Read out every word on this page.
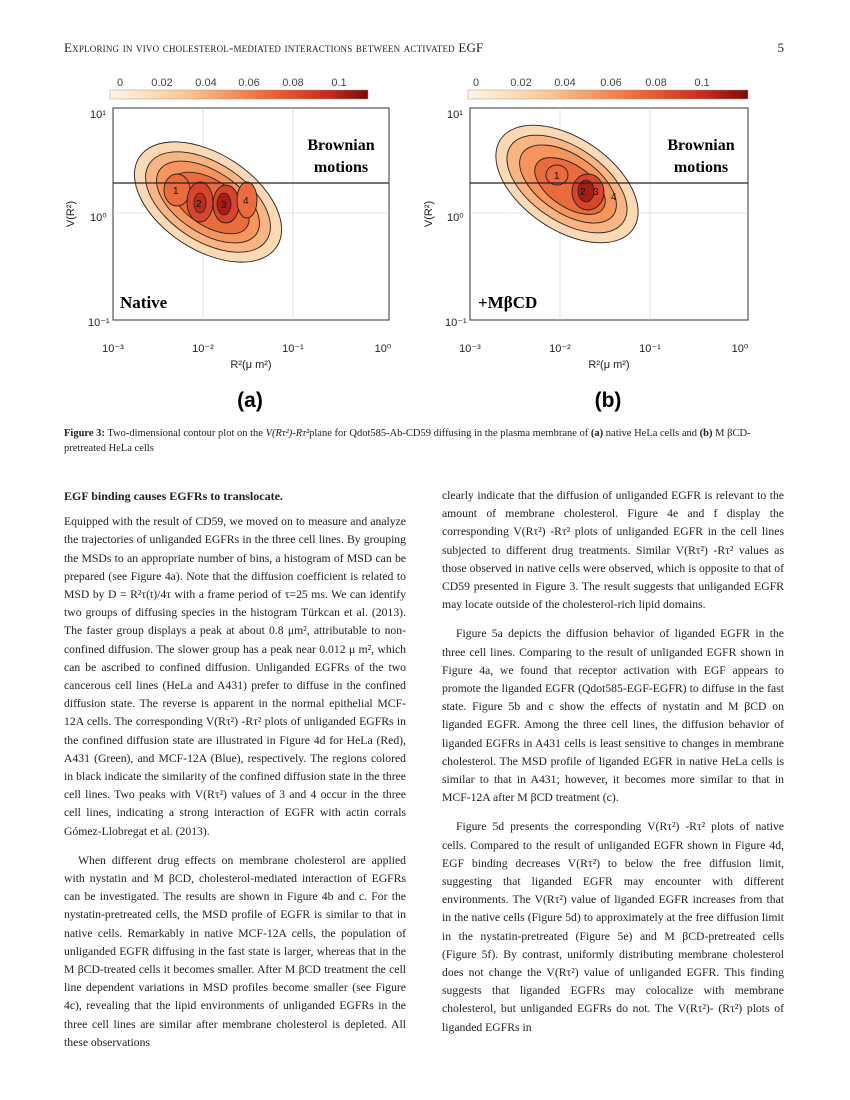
Exploring in vivo cholesterol-mediated interactions between activated EGF	5
0	0.02 0.04 0.06 0.08	0.1
1
2 3 4
Brownian
motions
Native
10¹
10⁰
10⁻¹
10⁻³	10⁻²	10⁻¹	10⁰
R²(μ m²)
V(R²)
(a)
0	0.02 0.04 0.06 0.08	0.1
1
2 3 4
Brownian
motions
+MβCD
10¹
10⁰
10⁻¹
10⁻³	10⁻²	10⁻¹	10⁰
R²(μ m²)
V(R²)
(b)
Figure 3: Two-dimensional contour plot on the V(Rτ²)-Rτ²plane for Qdot585-Ab-CD59 diffusing in the plasma membrane of (a) native HeLa cells and (b) M βCD-pretreated HeLa cells
EGF binding causes EGFRs to translocate.

Equipped with the result of CD59, we moved on to measure and analyze the trajectories of unliganded EGFRs in the three cell lines. By grouping the MSDs to an appropriate number of bins, a histogram of MSD can be prepared (see Figure 4a). Note that the diffusion coefficient is related to MSD by D = R²τ(t)/4τ with a frame period of τ=25 ms. We can identify two groups of diffusing species in the histogram Türkcan et al. (2013). The faster group displays a peak at about 0.8 μm², attributable to non-confined diffusion. The slower group has a peak near 0.012 μ m², which can be ascribed to confined diffusion. Unliganded EGFRs of the two cancerous cell lines (HeLa and A431) prefer to diffuse in the confined diffusion state. The reverse is apparent in the normal epithelial MCF-12A cells. The corresponding V(Rτ²) -Rτ² plots of unliganded EGFRs in the confined diffusion state are illustrated in Figure 4d for HeLa (Red), A431 (Green), and MCF-12A (Blue), respectively. The regions colored in black indicate the similarity of the confined diffusion state in the three cell lines. Two peaks with V(Rτ²) values of 3 and 4 occur in the three cell lines, indicating a strong interaction of EGFR with actin corrals Gómez-Llobregat et al. (2013).

When different drug effects on membrane cholesterol are applied with nystatin and M βCD, cholesterol-mediated interaction of EGFRs can be investigated. The results are shown in Figure 4b and c. For the nystatin-pretreated cells, the MSD profile of EGFR is similar to that in native cells. Remarkably in native MCF-12A cells, the population of unliganded EGFR diffusing in the fast state is larger, whereas that in the M βCD-treated cells it becomes smaller. After M βCD treatment the cell line dependent variations in MSD profiles become smaller (see Figure 4c), revealing that the lipid environments of unliganded EGFRs in the three cell lines are similar after membrane cholesterol is depleted. All these observations

clearly indicate that the diffusion of unliganded EGFR is relevant to the amount of membrane cholesterol. Figure 4e and f display the corresponding V(Rτ²) -Rτ² plots of unliganded EGFR in the cell lines subjected to different drug treatments. Similar V(Rτ²) -Rτ² values as those observed in native cells were observed, which is opposite to that of CD59 presented in Figure 3. The result suggests that unliganded EGFR may locate outside of the cholesterol-rich lipid domains.

Figure 5a depicts the diffusion behavior of liganded EGFR in the three cell lines. Comparing to the result of unliganded EGFR shown in Figure 4a, we found that receptor activation with EGF appears to promote the liganded EGFR (Qdot585-EGF-EGFR) to diffuse in the fast state. Figure 5b and c show the effects of nystatin and M βCD on liganded EGFR. Among the three cell lines, the diffusion behavior of liganded EGFRs in A431 cells is least sensitive to changes in membrane cholesterol. The MSD profile of liganded EGFR in native HeLa cells is similar to that in A431; however, it becomes more similar to that in MCF-12A after M βCD treatment (c).

Figure 5d presents the corresponding V(Rτ²) -Rτ² plots of native cells. Compared to the result of unliganded EGFR shown in Figure 4d, EGF binding decreases V(Rτ²) to below the free diffusion limit, suggesting that liganded EGFR may encounter with different environments. The V(Rτ²) value of liganded EGFR increases from that in the native cells (Figure 5d) to approximately at the free diffusion limit in the nystatin-pretreated (Figure 5e) and M βCD-pretreated cells (Figure 5f). By contrast, uniformly distributing membrane cholesterol does not change the V(Rτ²) value of unliganded EGFR. This finding suggests that liganded EGFRs may colocalize with membrane cholesterol, but unliganded EGFRs do not. The V(Rτ²)- (Rτ²) plots of liganded EGFRs in
